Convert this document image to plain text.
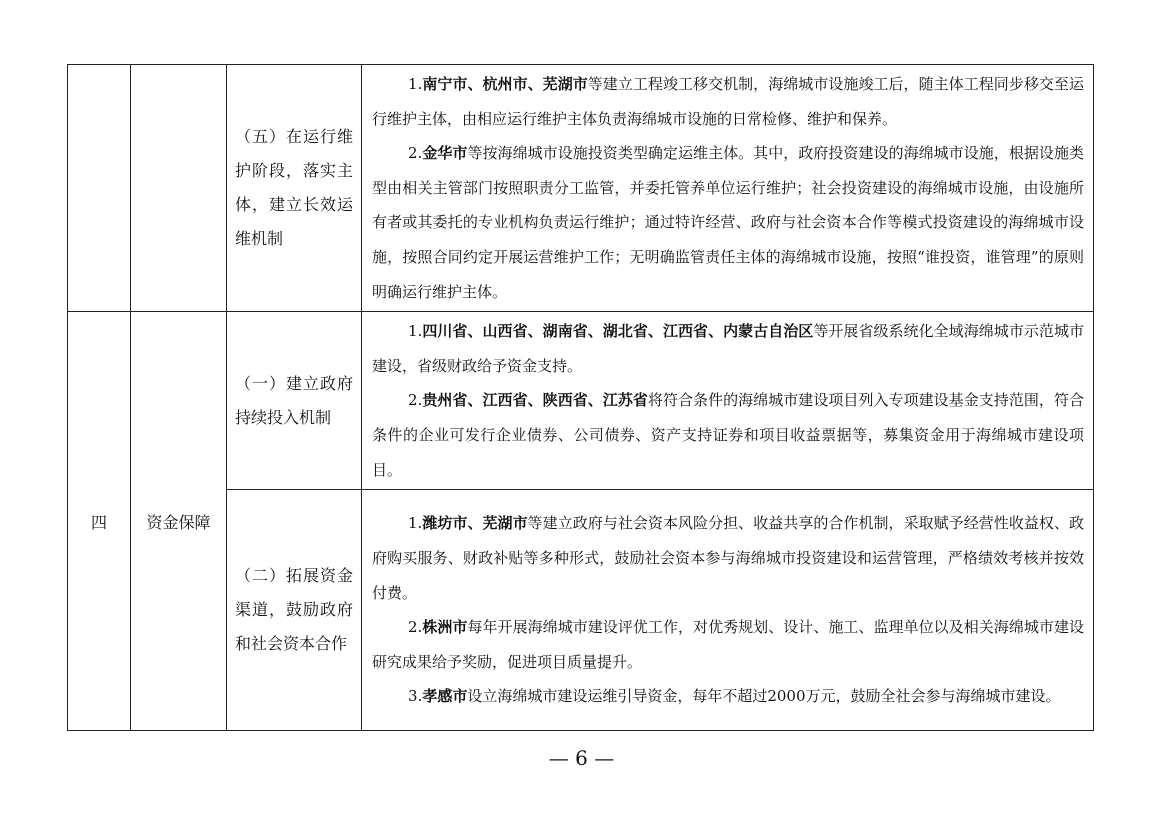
		（五）在运行维护阶段，落实主体，建立长效运维机制	1.南宁市、杭州市、芜湖市等建立工程竣工移交机制，海绵城市设施竣工后，随主体工程同步移交至运行维护主体，由相应运行维护主体负责海绵城市设施的日常检修、维护和保养。

2.金华市等按海绵城市设施投资类型确定运维主体。其中，政府投资建设的海绵城市设施，根据设施类型由相关主管部门按照职责分工监管，并委托管养单位运行维护；社会投资建设的海绵城市设施，由设施所有者或其委托的专业机构负责运行维护；通过特许经营、政府与社会资本合作等模式投资建设的海绵城市设施，按照合同约定开展运营维护工作；无明确监管责任主体的海绵城市设施，按照“谁投资，谁管理”的原则明确运行维护主体。

四	资金保障	（一）建立政府持续投入机制	1.四川省、山西省、湖南省、湖北省、江西省、内蒙古自治区等开展省级系统化全域海绵城市示范城市建设，省级财政给予资金支持。

2.贵州省、江西省、陕西省、江苏省将符合条件的海绵城市建设项目列入专项建设基金支持范围，符合条件的企业可发行企业债券、公司债券、资产支持证券和项目收益票据等，募集资金用于海绵城市建设项目。

		（二）拓展资金渠道，鼓励政府和社会资本合作	1.潍坊市、芜湖市等建立政府与社会资本风险分担、收益共享的合作机制，采取赋予经营性收益权、政府购买服务、财政补贴等多种形式，鼓励社会资本参与海绵城市投资建设和运营管理，严格绩效考核并按效付费。

2.株洲市每年开展海绵城市建设评优工作，对优秀规划、设计、施工、监理单位以及相关海绵城市建设研究成果给予奖励，促进项目质量提升。

3.孝感市设立海绵城市建设运维引导资金，每年不超过2000万元，鼓励全社会参与海绵城市建设。

— 6 —
